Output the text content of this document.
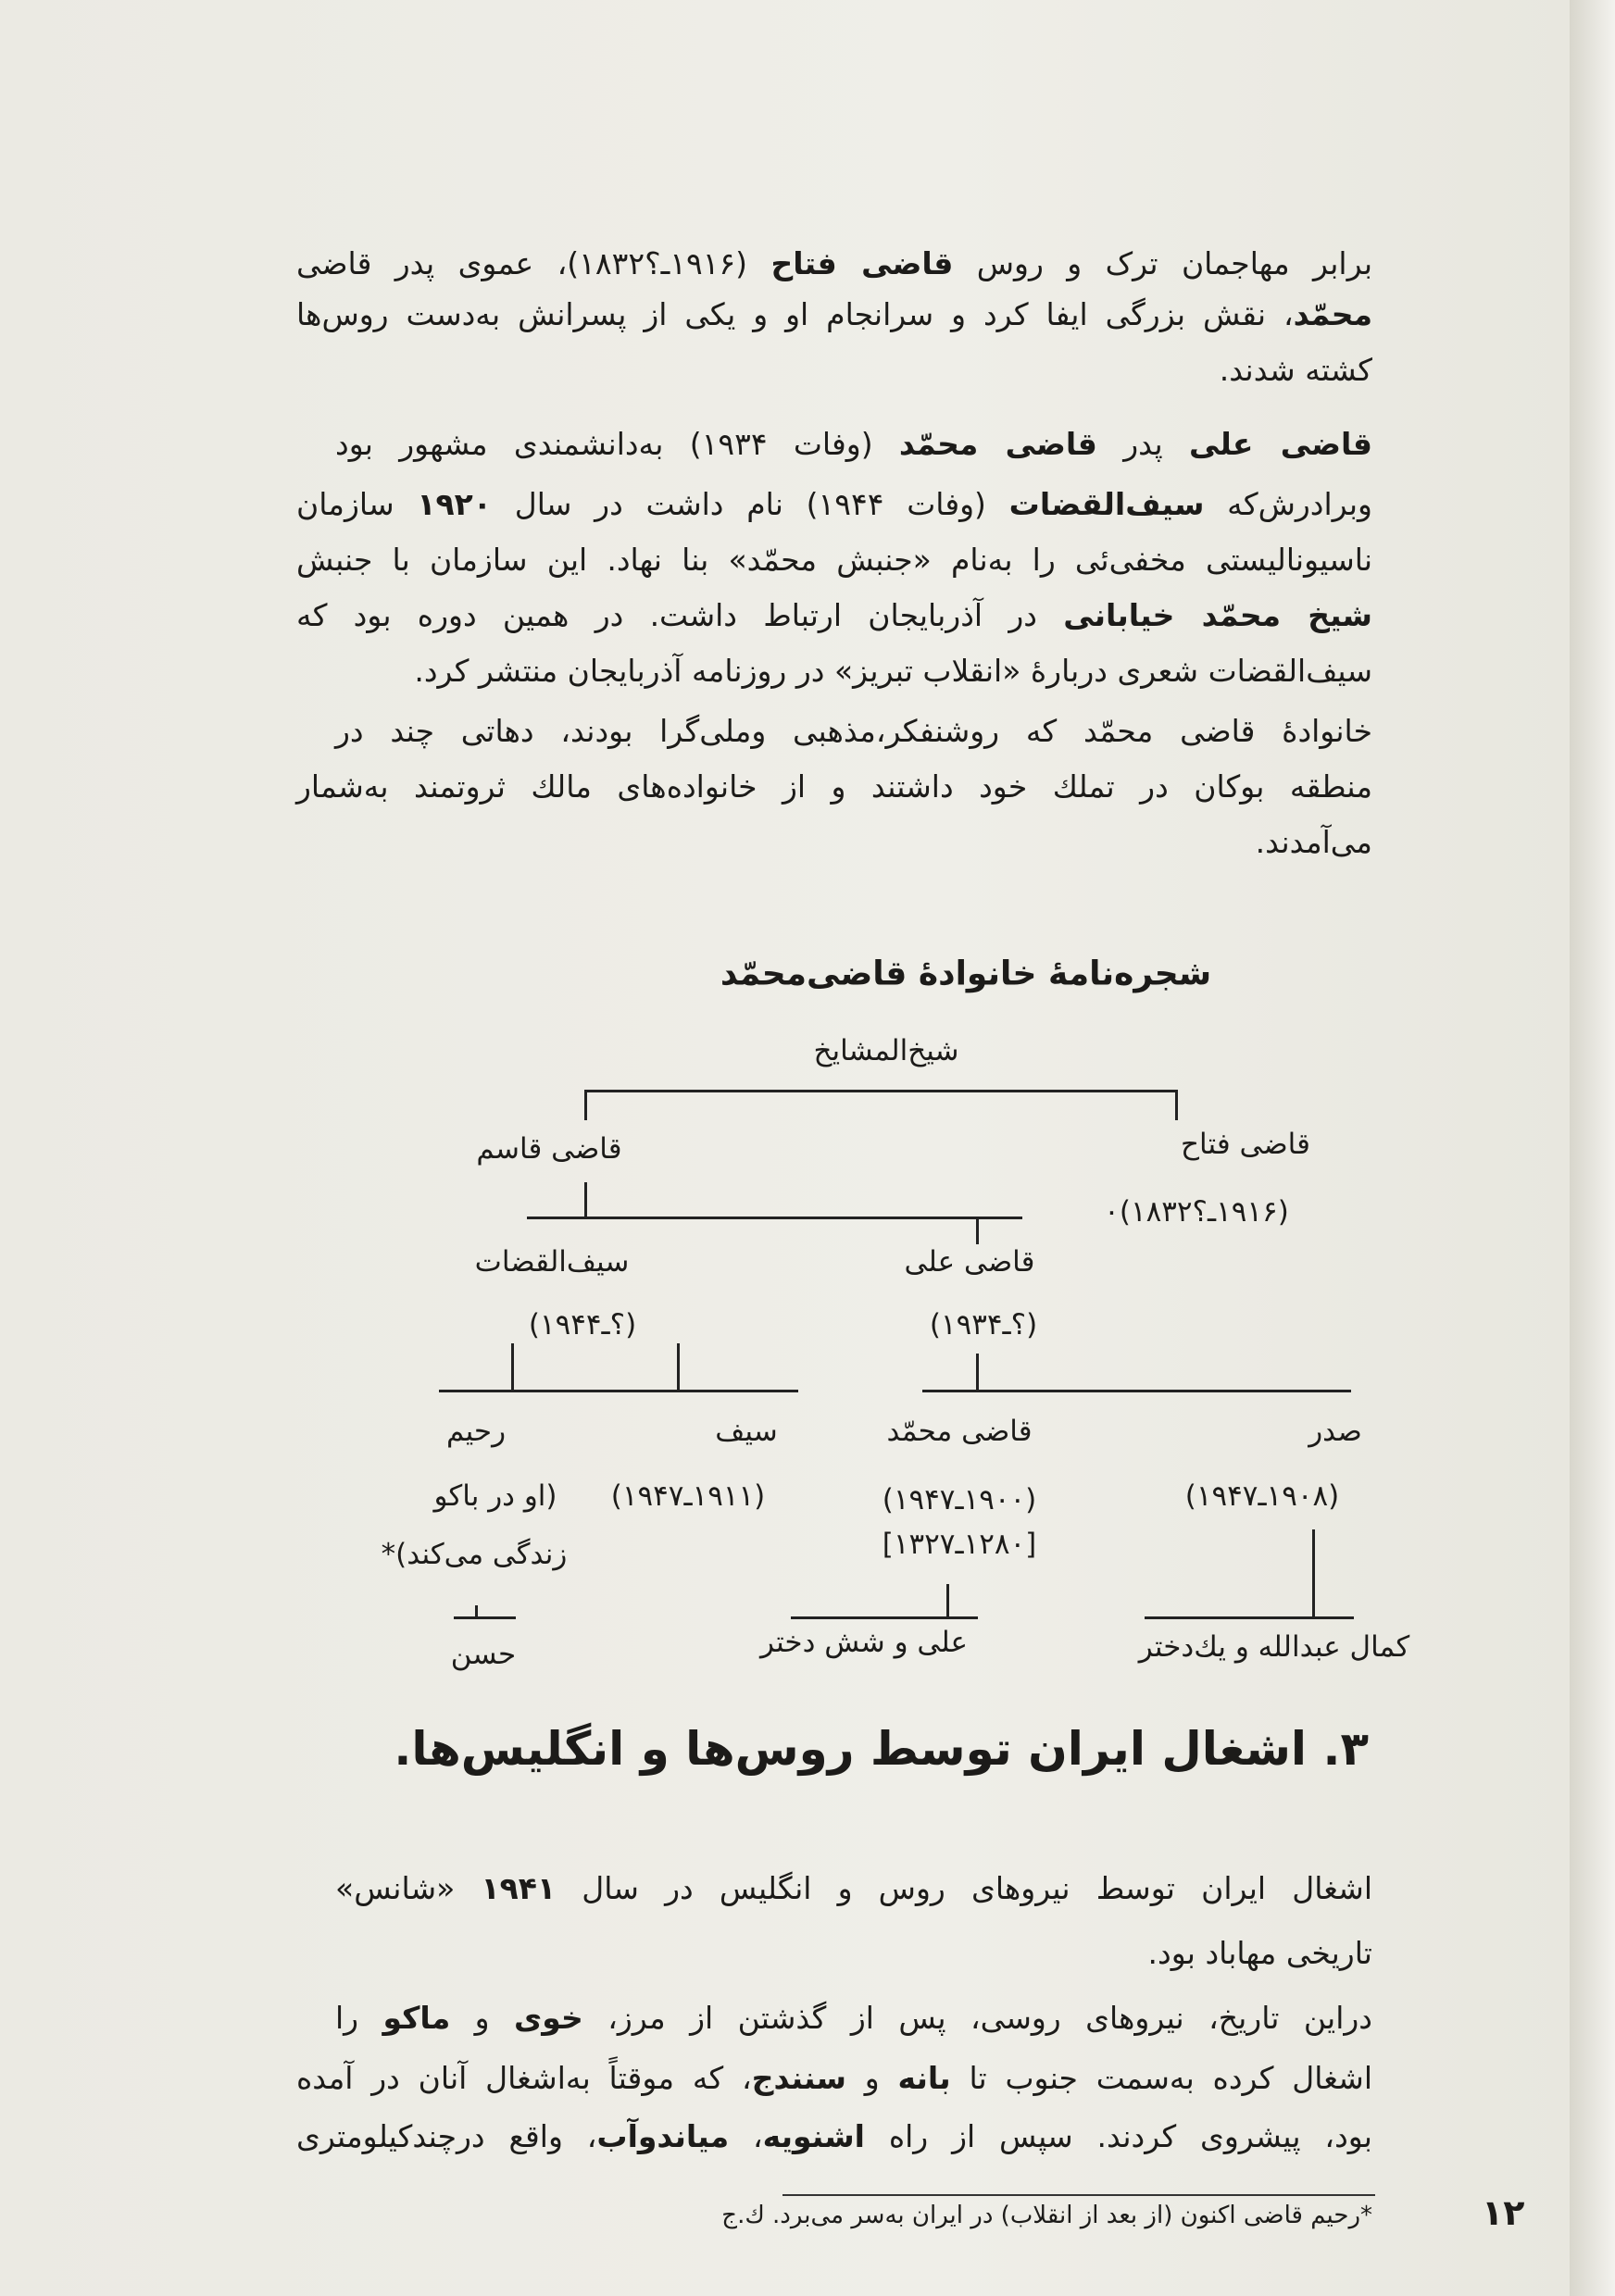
برابر مهاجمان ترک و روس قاضی فتاح (۱۹۱۶ـ؟۱۸۳۲)، عموی پدر قاضی
محمّد، نقش بزرگی ایفا کرد و سرانجام او و یکی از پسرانش به‌دست روس‌ها
کشته شدند.
قاضی علی پدر قاضی محمّد (وفات ۱۹۳۴) به‌دانشمندی مشهور بود
وبرادرش‌که سیف‌القضات (وفات ۱۹۴۴) نام داشت در سال ۱۹۲۰ سازمان
ناسیونالیستی مخفی‌ئی را به‌نام «جنبش محمّد» بنا نهاد. این سازمان با جنبش
شیخ محمّد خیابانی در آذربایجان ارتباط داشت. در همین دوره بود که
سیف‌القضات شعری دربارهٔ «انقلاب تبریز» در روزنامه آذربایجان منتشر کرد.
خانوادهٔ قاضی محمّد که روشنفکر،مذهبی وملی‌گرا بودند، دهاتی چند در
منطقه بوکان در تملك خود داشتند و از خانواده‌های مالك ثروتمند به‌شمار
می‌آمدند.
شجره‌نامهٔ خانوادهٔ قاضی‌محمّد
شیخ‌المشایخ
قاضی قاسم	قاضی فتاح
(۱۹۱۶ـ؟۱۸۳۲)٠
سیف‌القضات	قاضی علی
(؟ـ۱۹۴۴)	(؟ـ۱۹۳۴)
رحیم	سیف	قاضی محمّد	صدر
(او در باکو (۱۹۱۱ـ۱۹۴۷)	(۱۹۰۰ـ۱۹۴۷)	(۱۹۰۸ـ۱۹۴۷)
زندگی می‌کند)*	[۱۲۸۰ـ۱۳۲۷]
حسن	علی و شش دختر	کمال عبدالله و یك‌دختر
۳. اشغال ایران توسط روس‌ها و انگلیس‌ها.
اشغال ایران توسط نیروهای روس و انگلیس در سال ۱۹۴۱ «شانس»
تاریخی مهاباد بود.
دراین تاریخ، نیروهای روسی، پس از گذشتن از مرز، خوی و ماکو را
اشغال کرده به‌سمت جنوب تا بانه و سنندج، که موقتاً به‌اشغال آنان در آمده
بود، پیشروی کردند. سپس از راه اشنویه، میاندوآب، واقع درچندکیلومتری
*رحیم قاضی اکنون (از بعد از انقلاب) در ایران به‌سر می‌برد. ك.ج	۱۲
